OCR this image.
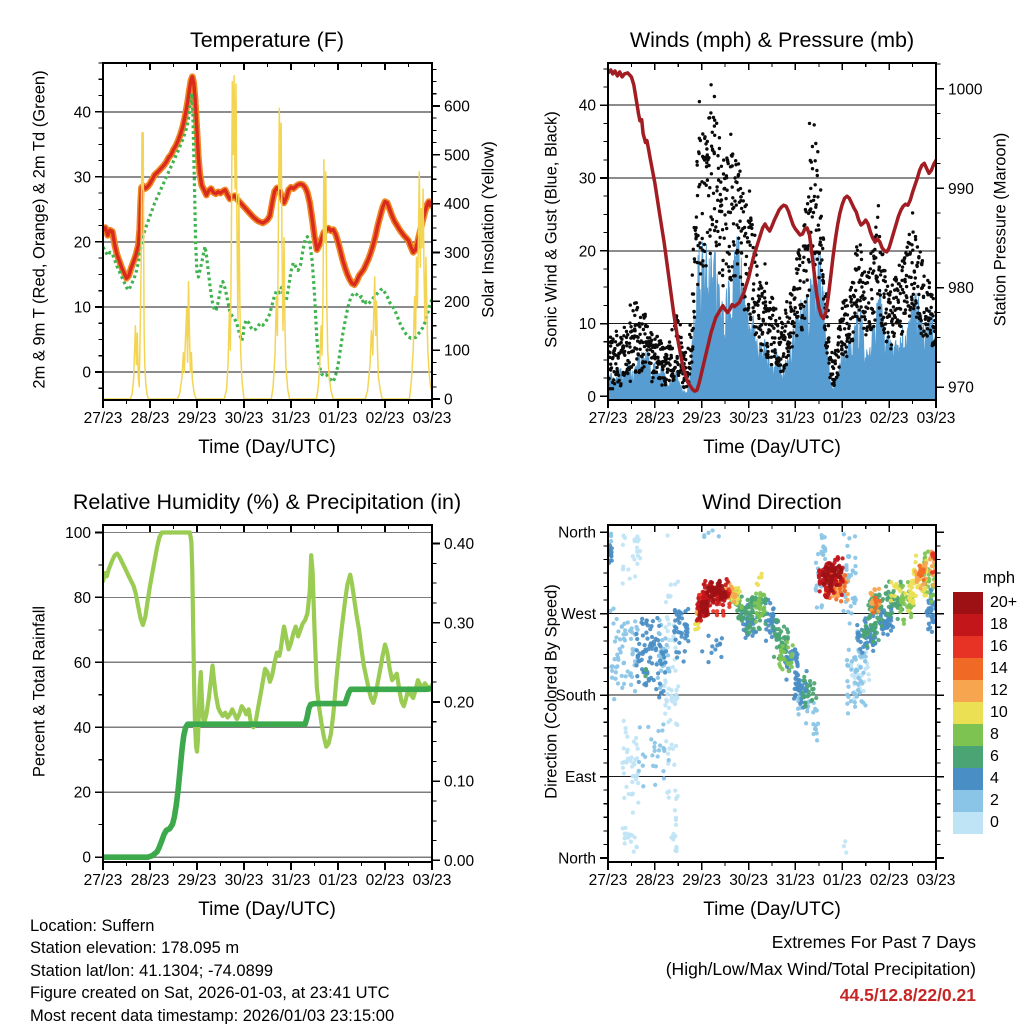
27/23 28/23 29/23 30/23 31/23 01/23 02/23 03/23
0
10
20
30
40
0
100
200
300
400
500
600
27/23 28/23 29/23 30/23 31/23 01/23 02/23 03/23
0
10
20
30
40
970
980
990
1000
27/23 28/23 29/23 30/23 31/23 01/23 02/23 03/23
0
20
40
60
80
100
0.00
0.10
0.20
0.30
0.40
27/23 28/23 29/23 30/23 31/23 01/23 02/23 03/23
North
East
South
West
North
Temperature (F)	Winds (mph) & Pressure (mb)
Relative Humidity (%) & Precipitation (in)	Wind Direction
Time (Day/UTC)	Time (Day/UTC)
Time (Day/UTC)	Time (Day/UTC)
2m & 9m T (Red, Orange) & 2m Td (Green)	Solar Insolation (Yellow)	Sonic Wind & Gust (Blue, Black)	Station Pressure (Maroon)
Percent & Total Rainfall	Direction (Colored By Speed)
mph
20+
18
16
14
12
10
8
6
4
2
0
Location: Suffern
Station elevation: 178.095 m
Station lat/lon: 41.1304; -74.0899
Figure created on Sat, 2026-01-03, at 23:41 UTC
Most recent data timestamp: 2026/01/03 23:15:00
Extremes For Past 7 Days
(High/Low/Max Wind/Total Precipitation)
44.5/12.8/22/0.21
